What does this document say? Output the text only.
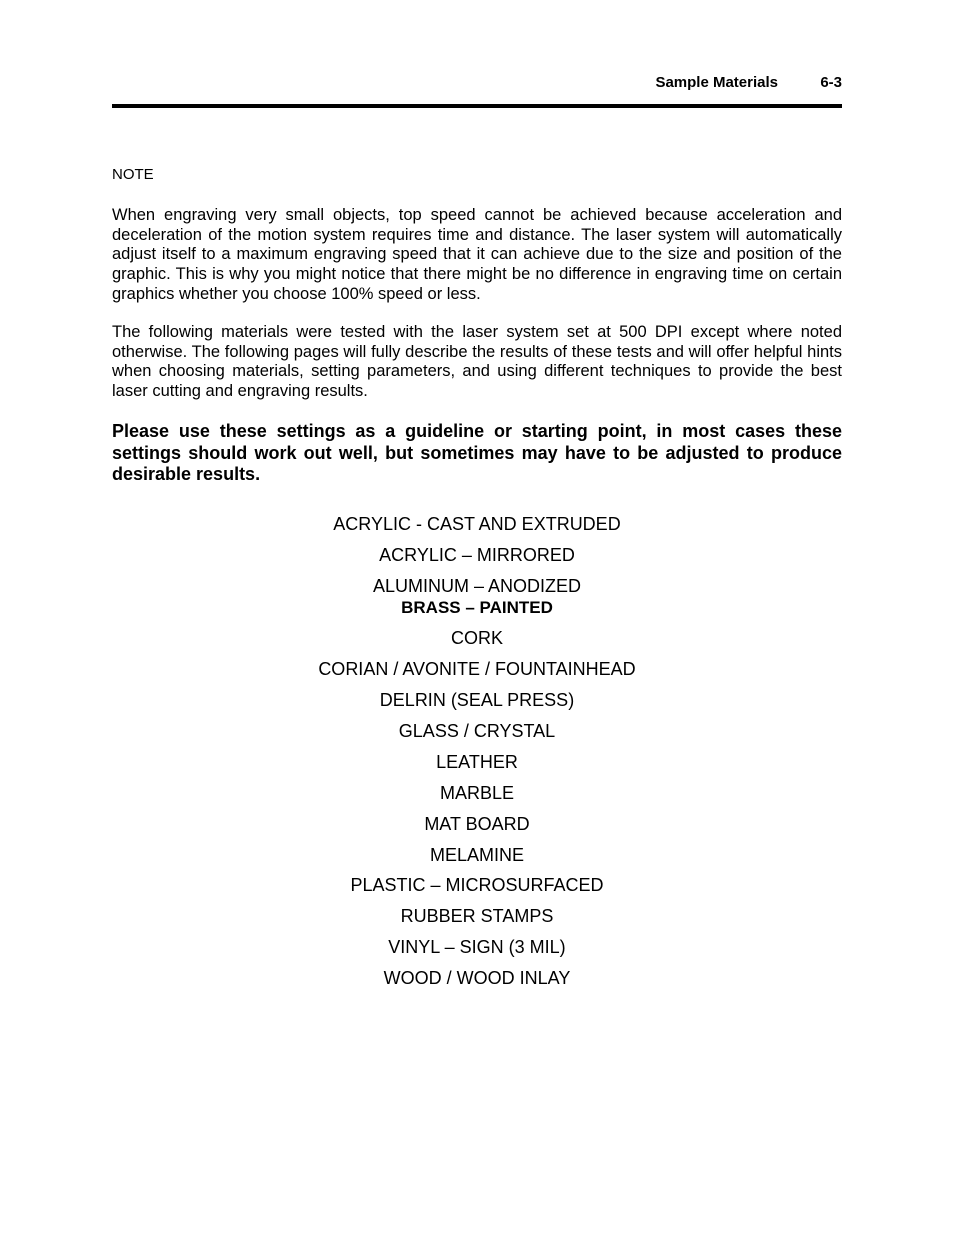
Sample Materials	6-3
NOTE

When engraving very small objects, top speed cannot be achieved because acceleration and deceleration of the motion system requires time and distance. The laser system will automatically adjust itself to a maximum engraving speed that it can achieve due to the size and position of the graphic. This is why you might notice that there might be no difference in engraving time on certain graphics whether you choose 100% speed or less.

The following materials were tested with the laser system set at 500 DPI except where noted otherwise. The following pages will fully describe the results of these tests and will offer helpful hints when choosing materials, setting parameters, and using different techniques to provide the best laser cutting and engraving results.

Please use these settings as a guideline or starting point, in most cases these settings should work out well, but sometimes may have to be adjusted to produce desirable results.

ACRYLIC - CAST AND EXTRUDED
ACRYLIC – MIRRORED
ALUMINUM – ANODIZED
BRASS – PAINTED
CORK
CORIAN / AVONITE / FOUNTAINHEAD
DELRIN (SEAL PRESS)
GLASS / CRYSTAL
LEATHER
MARBLE
MAT BOARD
MELAMINE
PLASTIC – MICROSURFACED
RUBBER STAMPS
VINYL – SIGN (3 MIL)
WOOD / WOOD INLAY
